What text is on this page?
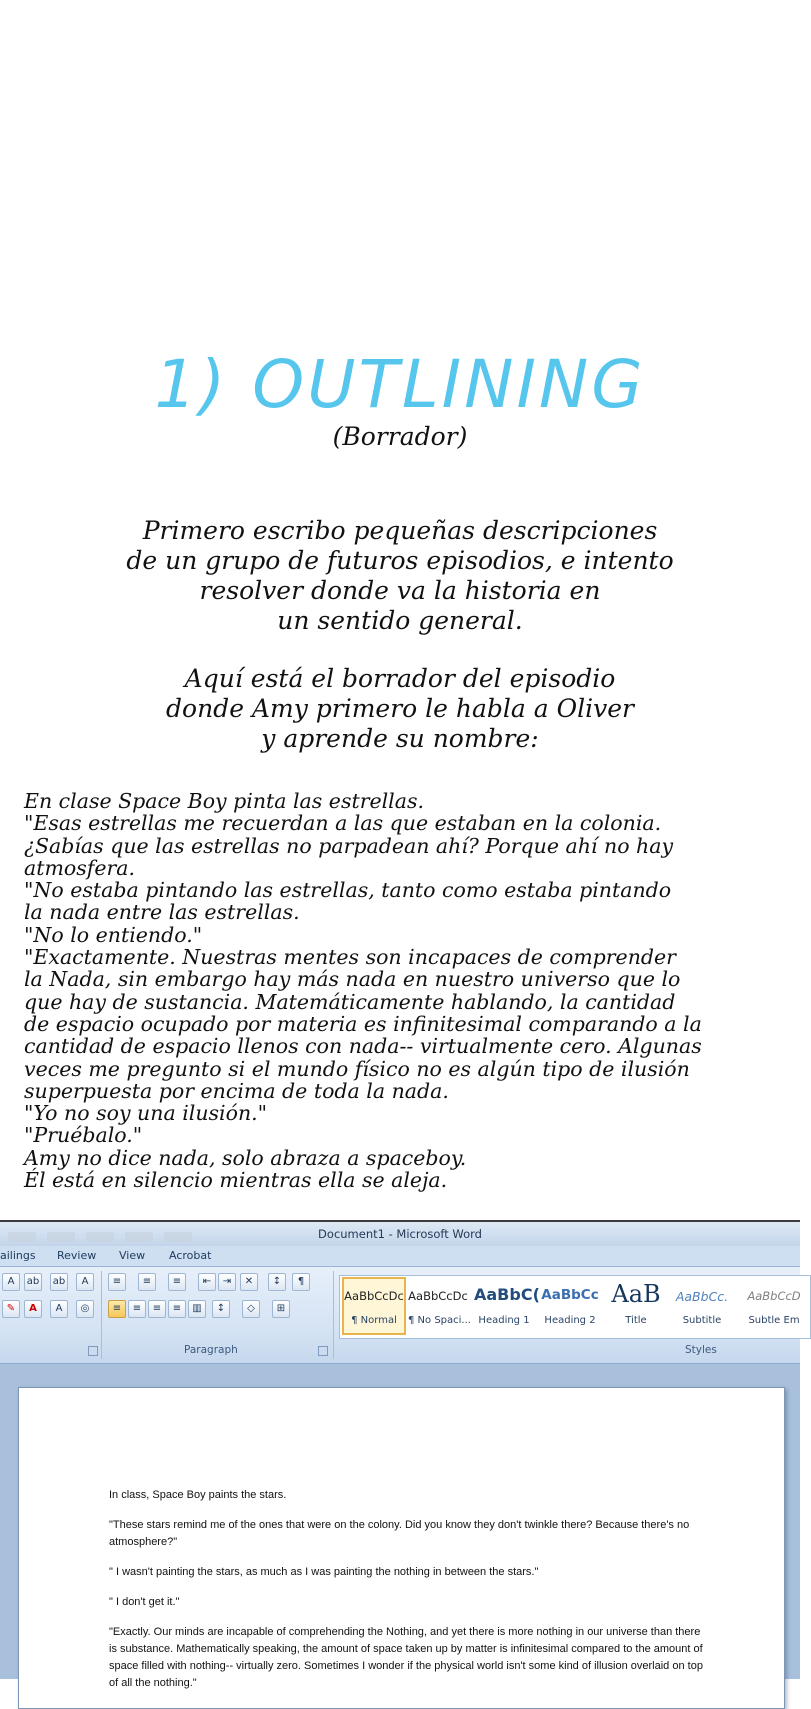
1) OUTLINING
(Borrador)
Primero escribo pequeñas descripciones
de un grupo de futuros episodios, e intento
resolver donde va la historia en
un sentido general.
Aquí está el borrador del episodio
donde Amy primero le habla a Oliver
y aprende su nombre:
En clase Space Boy pinta las estrellas.
"Esas estrellas me recuerdan a las que estaban en la colonia.
¿Sabías que las estrellas no parpadean ahí? Porque ahí no hay
atmosfera.
"No estaba pintando las estrellas, tanto como estaba pintando
la nada entre las estrellas.
"No lo entiendo."
"Exactamente. Nuestras mentes son incapaces de comprender
la Nada, sin embargo hay más nada en nuestro universo que lo
que hay de sustancia. Matemáticamente hablando, la cantidad
de espacio ocupado por materia es infinitesimal comparando a la
cantidad de espacio llenos con nada-- virtualmente cero. Algunas
veces me pregunto si el mundo físico no es algún tipo de ilusión
superpuesta por encima de toda la nada.
"Yo no soy una ilusión."
"Pruébalo."
Amy no dice nada, solo abraza a spaceboy.
Él está en silencio mientras ella se aleja.

Document1 - Microsoft Word
ailings Review View Acrobat
A	ab ab	A
✎	A	A	◎
≡	≡	≡	⇤	⇥	✕	↕	¶
≡	≡	≡	≡	▥	↕	◇	⊞
Paragraph
AaBbCcDc
¶ Normal
AaBbCcDc
¶ No Spaci...
AaBbC(
Heading 1
AaBbCc
Heading 2
AaB
Title
AaBbCc.
Subtitle
AaBbCcD
Subtle Em
Styles

In class, Space Boy paints the stars.

"These stars remind me of the ones that were on the colony. Did you know they don't twinkle there? Because there's no atmosphere?"

" I wasn't painting the stars, as much as I was painting the nothing in between the stars."

" I don't get it."

"Exactly. Our minds are incapable of comprehending the Nothing, and yet there is more nothing in our universe than there is substance. Mathematically speaking, the amount of space taken up by matter is infinitesimal compared to the amount of space filled with nothing-- virtually zero. Sometimes I wonder if the physical world isn't some kind of illusion overlaid on top of all the nothing."
